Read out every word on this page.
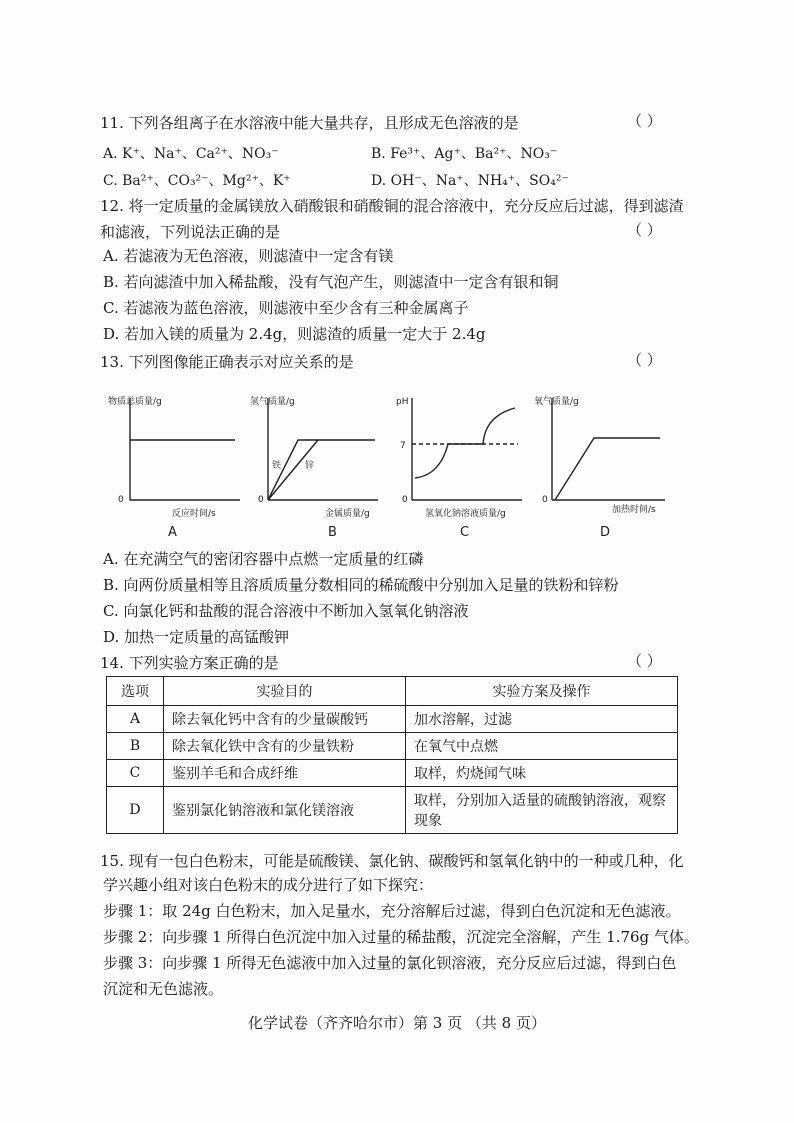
11. 下列各组离子在水溶液中能大量共存，且形成无色溶液的是	（ ）
A. K⁺、Na⁺、Ca²⁺、NO₃⁻	B. Fe³⁺、Ag⁺、Ba²⁺、NO₃⁻
C. Ba²⁺、CO₃²⁻、Mg²⁺、K⁺	D. OH⁻、Na⁺、NH₄⁺、SO₄²⁻
12. 将一定质量的金属镁放入硝酸银和硝酸铜的混合溶液中，充分反应后过滤，得到滤渣
和滤液，下列说法正确的是	（ ）
A. 若滤液为无色溶液，则滤渣中一定含有镁
B. 若向滤渣中加入稀盐酸，没有气泡产生，则滤渣中一定含有银和铜
C. 若滤液为蓝色溶液，则滤液中至少含有三种金属离子
D. 若加入镁的质量为 2.4g，则滤渣的质量一定大于 2.4g
13. 下列图像能正确表示对应关系的是	（ ）
物质总质量/g
0
反应时间/s
氢气质量/g
0
金属质量/g
铁	锌
pH
7
0
氢氧化钠溶液质量/g
氧气质量/g
0
加热时间/s
A	B	C	D
A. 在充满空气的密闭容器中点燃一定质量的红磷
B. 向两份质量相等且溶质质量分数相同的稀硫酸中分别加入足量的铁粉和锌粉
C. 向氯化钙和盐酸的混合溶液中不断加入氢氧化钠溶液
D. 加热一定质量的高锰酸钾
14. 下列实验方案正确的是	（ ）
选项	实验目的	实验方案及操作
A	除去氧化钙中含有的少量碳酸钙	加水溶解，过滤
B	除去氧化铁中含有的少量铁粉	在氧气中点燃
C	鉴别羊毛和合成纤维	取样，灼烧闻气味
D	鉴别氯化钠溶液和氯化镁溶液	取样，分别加入适量的硫酸钠溶液，观察现象
15. 现有一包白色粉末，可能是硫酸镁、氯化钠、碳酸钙和氢氧化钠中的一种或几种，化
学兴趣小组对该白色粉末的成分进行了如下探究：
步骤 1：取 24g 白色粉末，加入足量水，充分溶解后过滤，得到白色沉淀和无色滤液。
步骤 2：向步骤 1 所得白色沉淀中加入过量的稀盐酸，沉淀完全溶解，产生 1.76g 气体。
步骤 3：向步骤 1 所得无色滤液中加入过量的氯化钡溶液，充分反应后过滤，得到白色
沉淀和无色滤液。
化学试卷（齐齐哈尔市）第 3 页 （共 8 页）
